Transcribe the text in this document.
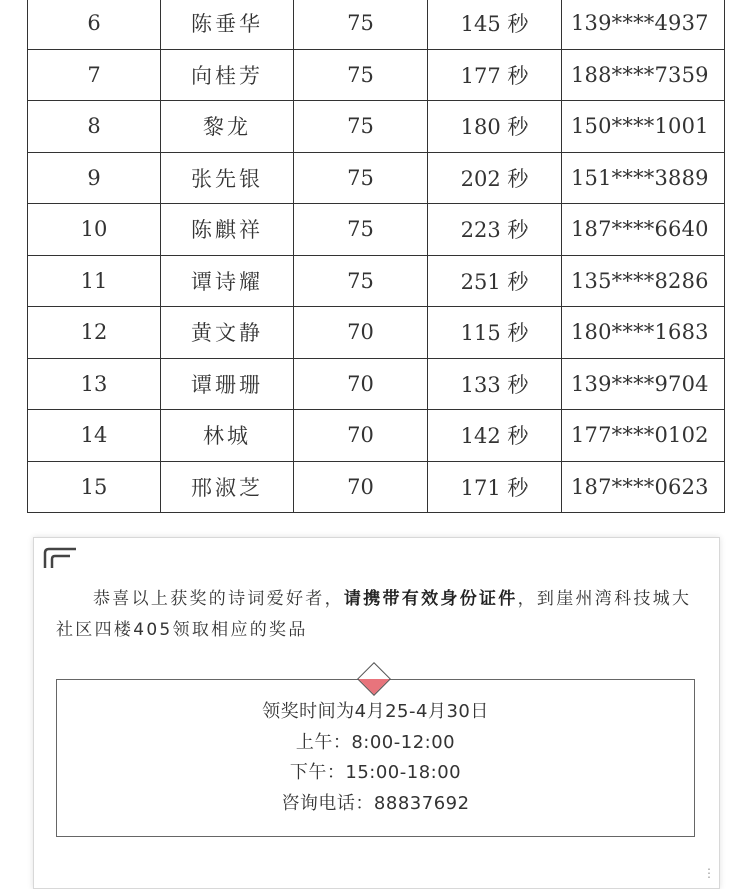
6	陈垂华	75	145 秒	139****4937
7	向桂芳	75	177 秒	188****7359
8	黎龙	75	180 秒	150****1001
9	张先银	75	202 秒	151****3889
10	陈麒祥	75	223 秒	187****6640
11	谭诗耀	75	251 秒	135****8286
12	黄文静	70	115 秒	180****1683
13	谭珊珊	70	133 秒	139****9704
14	林城	70	142 秒	177****0102
15	邢淑芝	70	171 秒	187****0623
恭喜以上获奖的诗词爱好者，请携带有效身份证件，到崖州湾科技城大社区四楼405领取相应的奖品
领奖时间为4月25-4月30日
上午：8:00-12:00
下午：15:00-18:00
咨询电话：88837692
⋮
